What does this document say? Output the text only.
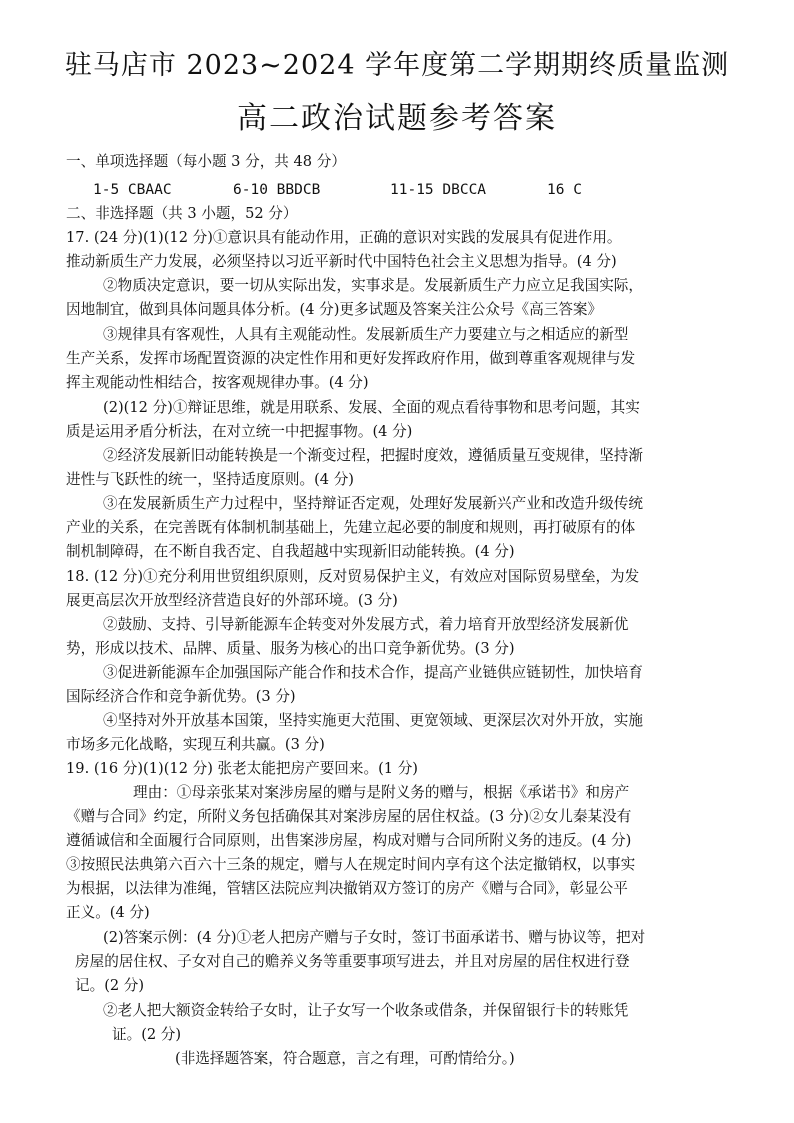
驻马店市 2023~2024 学年度第二学期期终质量监测
高二政治试题参考答案
一、单项选择题（每小题 3 分，共 48 分）
1-5 CBAAC	6-10 BBDCB	11-15 DBCCA	16 C
二、非选择题（共 3 小题，52 分）
17. (24 分)(1)(12 分)①意识具有能动作用，正确的意识对实践的发展具有促进作用。
推动新质生产力发展，必须坚持以习近平新时代中国特色社会主义思想为指导。(4 分)
②物质决定意识，要一切从实际出发，实事求是。发展新质生产力应立足我国实际，
因地制宜，做到具体问题具体分析。(4 分)更多试题及答案关注公众号《高三答案》
③规律具有客观性，人具有主观能动性。发展新质生产力要建立与之相适应的新型
生产关系，发挥市场配置资源的决定性作用和更好发挥政府作用，做到尊重客观规律与发
挥主观能动性相结合，按客观规律办事。(4 分)
(2)(12 分)①辩证思维，就是用联系、发展、全面的观点看待事物和思考问题，其实
质是运用矛盾分析法，在对立统一中把握事物。(4 分)
②经济发展新旧动能转换是一个渐变过程，把握时度效，遵循质量互变规律，坚持渐
进性与飞跃性的统一，坚持适度原则。(4 分)
③在发展新质生产力过程中，坚持辩证否定观，处理好发展新兴产业和改造升级传统
产业的关系，在完善既有体制机制基础上，先建立起必要的制度和规则，再打破原有的体
制机制障碍，在不断自我否定、自我超越中实现新旧动能转换。(4 分)
18. (12 分)①充分利用世贸组织原则，反对贸易保护主义，有效应对国际贸易壁垒，为发
展更高层次开放型经济营造良好的外部环境。(3 分)
②鼓励、支持、引导新能源车企转变对外发展方式，着力培育开放型经济发展新优
势，形成以技术、品牌、质量、服务为核心的出口竞争新优势。(3 分)
③促进新能源车企加强国际产能合作和技术合作，提高产业链供应链韧性，加快培育
国际经济合作和竞争新优势。(3 分)
④坚持对外开放基本国策，坚持实施更大范围、更宽领域、更深层次对外开放，实施
市场多元化战略，实现互利共赢。(3 分)
19. (16 分)(1)(12 分) 张老太能把房产要回来。(1 分)
理由：①母亲张某对案涉房屋的赠与是附义务的赠与，根据《承诺书》和房产
《赠与合同》约定，所附义务包括确保其对案涉房屋的居住权益。(3 分)②女儿秦某没有
遵循诚信和全面履行合同原则，出售案涉房屋，构成对赠与合同所附义务的违反。(4 分)
③按照民法典第六百六十三条的规定，赠与人在规定时间内享有这个法定撤销权，以事实
为根据，以法律为准绳，管辖区法院应判决撤销双方签订的房产《赠与合同》，彰显公平
正义。(4 分)
(2)答案示例：(4 分)①老人把房产赠与子女时，签订书面承诺书、赠与协议等，把对
房屋的居住权、子女对自己的赡养义务等重要事项写进去，并且对房屋的居住权进行登
记。(2 分)
②老人把大额资金转给子女时，让子女写一个收条或借条，并保留银行卡的转账凭
证。(2 分)
(非选择题答案，符合题意，言之有理，可酌情给分。)
